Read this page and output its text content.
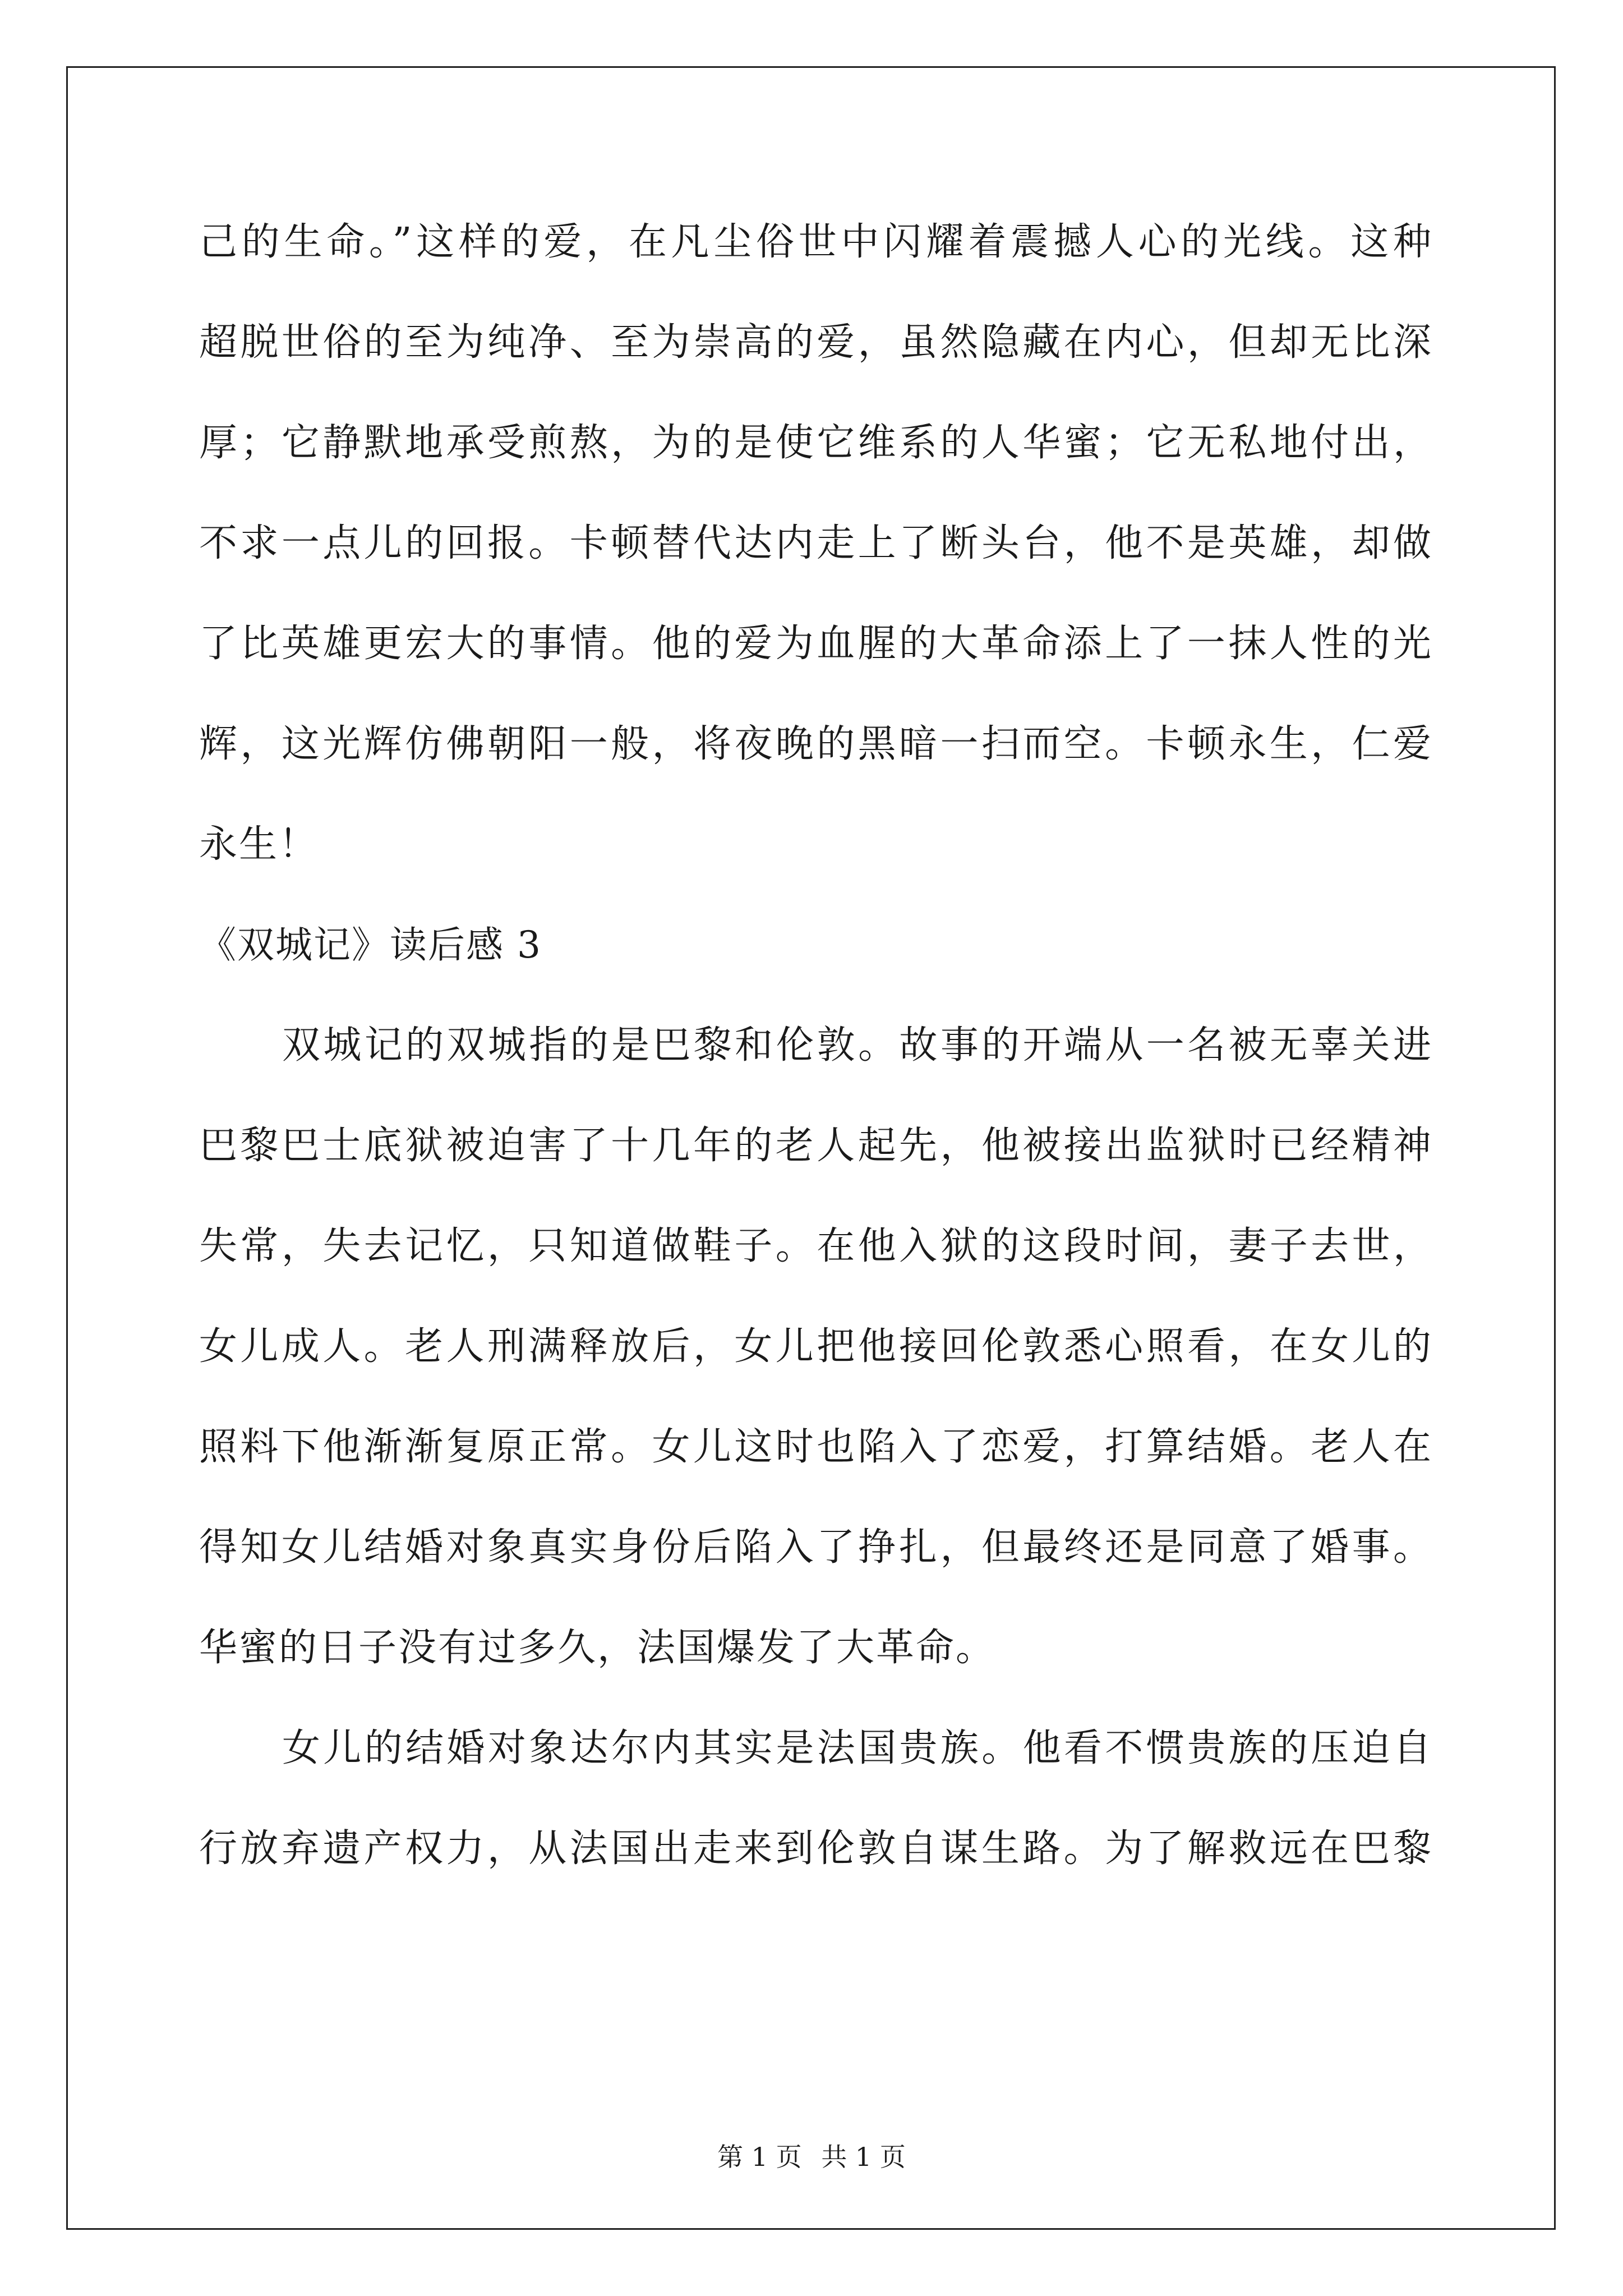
己的生命。”这样的爱，在凡尘俗世中闪耀着震撼人心的光线。这种
超脱世俗的至为纯净、至为崇高的爱，虽然隐藏在内心，但却无比深
厚；它静默地承受煎熬，为的是使它维系的人华蜜；它无私地付出，
不求一点儿的回报。卡顿替代达内走上了断头台，他不是英雄，却做
了比英雄更宏大的事情。他的爱为血腥的大革命添上了一抹人性的光
辉，这光辉仿佛朝阳一般，将夜晚的黑暗一扫而空。卡顿永生，仁爱
永生！
《双城记》读后感 3
双城记的双城指的是巴黎和伦敦。故事的开端从一名被无辜关进
巴黎巴士底狱被迫害了十几年的老人起先，他被接出监狱时已经精神
失常，失去记忆，只知道做鞋子。在他入狱的这段时间，妻子去世，
女儿成人。老人刑满释放后，女儿把他接回伦敦悉心照看，在女儿的
照料下他渐渐复原正常。女儿这时也陷入了恋爱，打算结婚。老人在
得知女儿结婚对象真实身份后陷入了挣扎，但最终还是同意了婚事。
华蜜的日子没有过多久，法国爆发了大革命。
女儿的结婚对象达尔内其实是法国贵族。他看不惯贵族的压迫自
行放弃遗产权力，从法国出走来到伦敦自谋生路。为了解救远在巴黎
第 1 页 共 1 页
